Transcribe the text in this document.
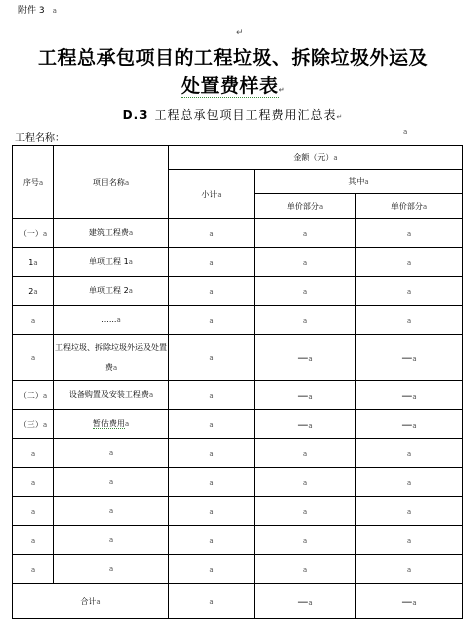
附件 3 a
↵
工程总承包项目的工程垃圾、拆除垃圾外运及
处置费样表↵
D.3 工程总承包项目工程费用汇总表↵
工程名称：
a
序号a	项目名称a	金额（元）a		
		小计a	其中a	
			单价部分a	单价部分a
（一）a	建筑工程费a	a	a	a
1a	单项工程 1a	a	a	a
2a	单项工程 2a	a	a	a
a	......a	a	a	a
a	工程垃圾、拆除垃圾外运及处置费a	a	—a	—a
（二）a	设备购置及安装工程费a	a	—a	—a
（三）a	暂估费用a	a	—a	—a
a	a	a	a	a
a	a	a	a	a
a	a	a	a	a
a	a	a	a	a
a	a	a	a	a
合计a		a	—a	—a
